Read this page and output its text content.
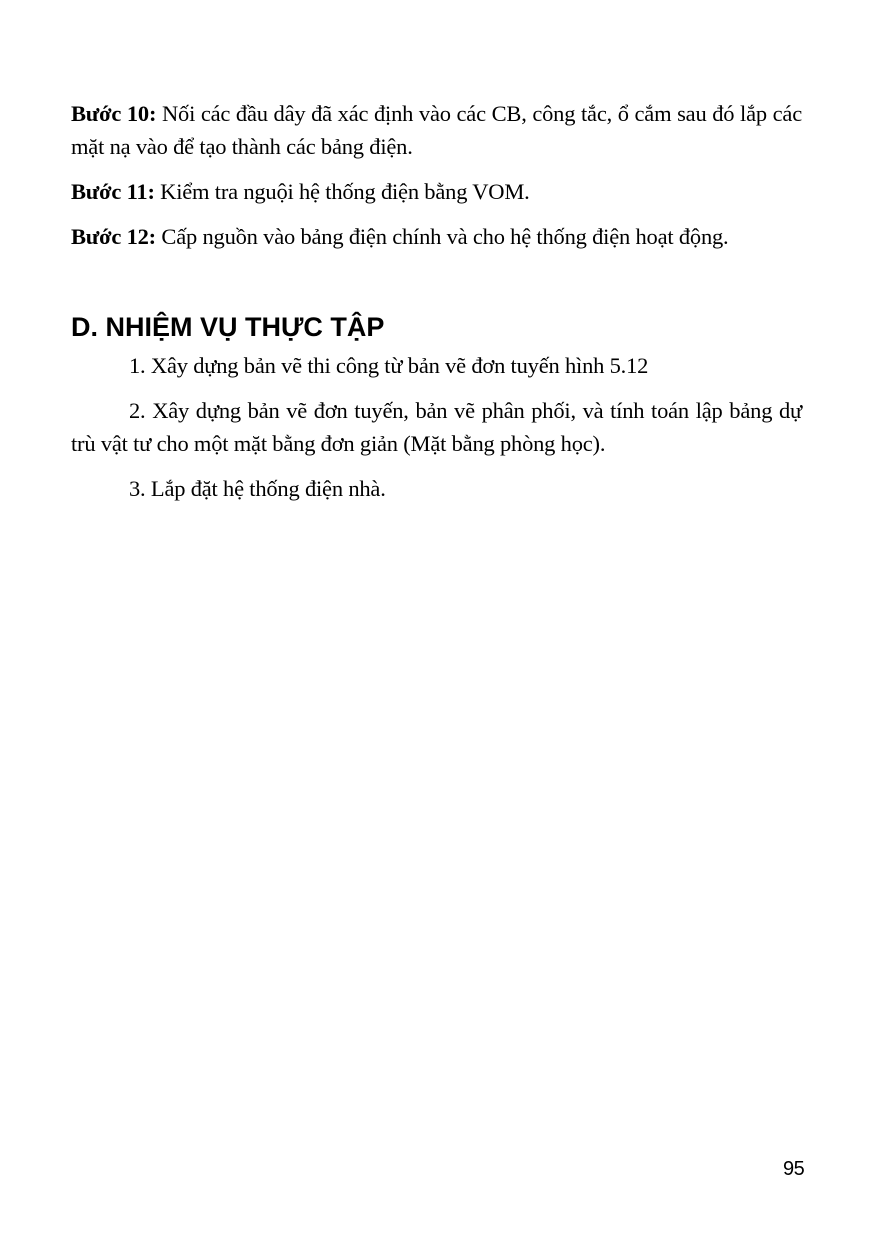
Bước 10: Nối các đầu dây đã xác định vào các CB, công tắc, ổ cắm sau đó lắp các mặt nạ vào để tạo thành các bảng điện.

Bước 11: Kiểm tra nguội hệ thống điện bằng VOM.

Bước 12: Cấp nguồn vào bảng điện chính và cho hệ thống điện hoạt động.

D. NHIỆM VỤ THỰC TẬP

1. Xây dựng bản vẽ thi công từ bản vẽ đơn tuyến hình 5.12

2. Xây dựng bản vẽ đơn tuyến, bản vẽ phân phối, và tính toán lập bảng dự trù vật tư cho một mặt bằng đơn giản (Mặt bằng phòng học).

3. Lắp đặt hệ thống điện nhà.

95
